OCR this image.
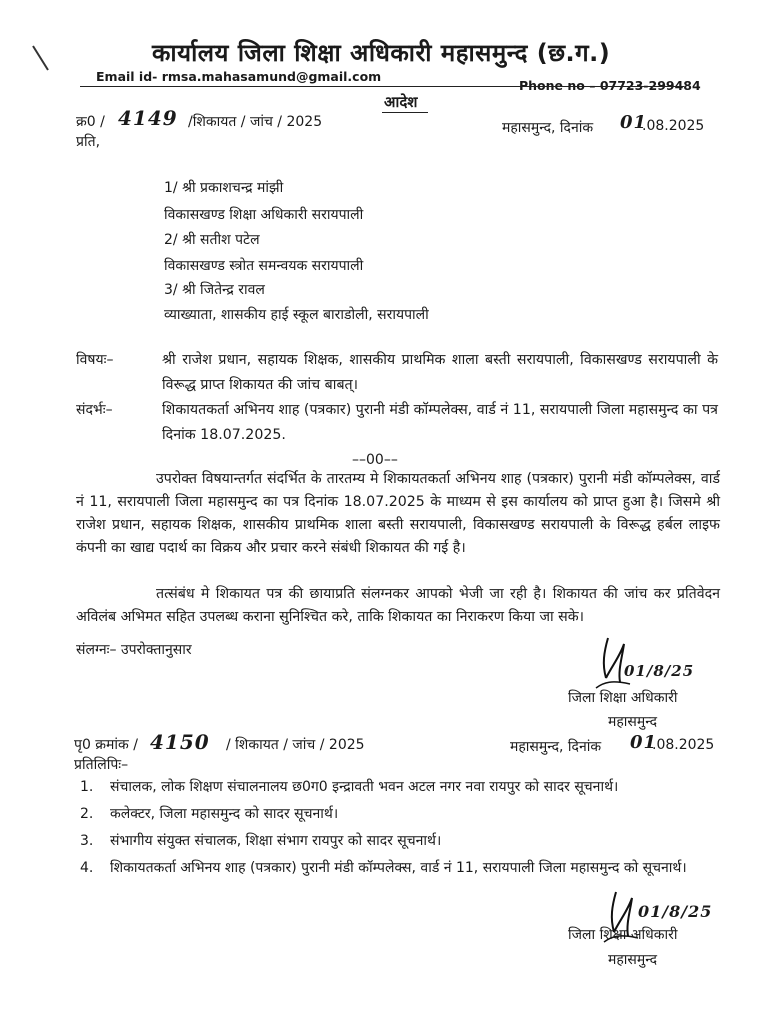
कार्यालय जिला शिक्षा अधिकारी महासमुन्द (छ.ग.)
Email id- rmsa.mahasamund@gmail.com
Phone no – 07723-299484
आदेश
क्र0 / 4149 /शिकायत / जांच / 2025	महासमुन्द, दिनांक 01
.08.2025
प्रति,
1/ श्री प्रकाशचन्द्र मांझी
विकासखण्ड शिक्षा अधिकारी सरायपाली
2/ श्री सतीश पटेल
विकासखण्ड स्त्रोत समन्वयक सरायपाली
3/ श्री जितेन्द्र रावल
व्याख्याता, शासकीय हाई स्कूल बाराडोली, सरायपाली
विषयः–	श्री राजेश प्रधान, सहायक शिक्षक, शासकीय प्राथमिक शाला बस्ती सरायपाली, विकासखण्ड सरायपाली के विरूद्ध प्राप्त शिकायत की जांच बाबत्।
संदर्भः–	शिकायतकर्ता अभिनय शाह (पत्रकार) पुरानी मंडी कॉम्पलेक्स, वार्ड नं 11, सरायपाली जिला महासमुन्द का पत्र दिनांक 18.07.2025.
––00––
उपरोक्त विषयान्तर्गत संदर्भित के तारतम्य मे शिकायतकर्ता अभिनय शाह (पत्रकार) पुरानी मंडी कॉम्पलेक्स, वार्ड नं 11, सरायपाली जिला महासमुन्द का पत्र दिनांक 18.07.2025 के माध्यम से इस कार्यालय को प्राप्त हुआ है। जिसमे श्री राजेश प्रधान, सहायक शिक्षक, शासकीय प्राथमिक शाला बस्ती सरायपाली, विकासखण्ड सरायपाली के विरूद्ध हर्बल लाइफ कंपनी का खाद्य पदार्थ का विक्रय और प्रचार करने संबंधी शिकायत की गई है।
तत्संबंध मे शिकायत पत्र की छायाप्रति संलग्नकर आपको भेजी जा रही है। शिकायत की जांच कर प्रतिवेदन अविलंब अभिमत सहित उपलब्ध कराना सुनिश्चित करे, ताकि शिकायत का निराकरण किया जा सके।
संलग्नः– उपरोक्तानुसार
01/8/25
जिला शिक्षा अधिकारी
महासमुन्द
पृ0 क्रमांक / 4150 / शिकायत / जांच / 2025	महासमुन्द, दिनांक 01
.08.2025
प्रतिलिपिः–
1. संचालक, लोक शिक्षण संचालनालय छ0ग0 इन्द्रावती भवन अटल नगर नवा रायपुर को सादर सूचनार्थ।
2. कलेक्टर, जिला महासमुन्द को सादर सूचनार्थ।
3. संभागीय संयुक्त संचालक, शिक्षा संभाग रायपुर को सादर सूचनार्थ।
4. शिकायतकर्ता अभिनय शाह (पत्रकार) पुरानी मंडी कॉम्पलेक्स, वार्ड नं 11, सरायपाली जिला महासमुन्द को सूचनार्थ।
01/8/25
जिला शिक्षा अधिकारी
महासमुन्द
